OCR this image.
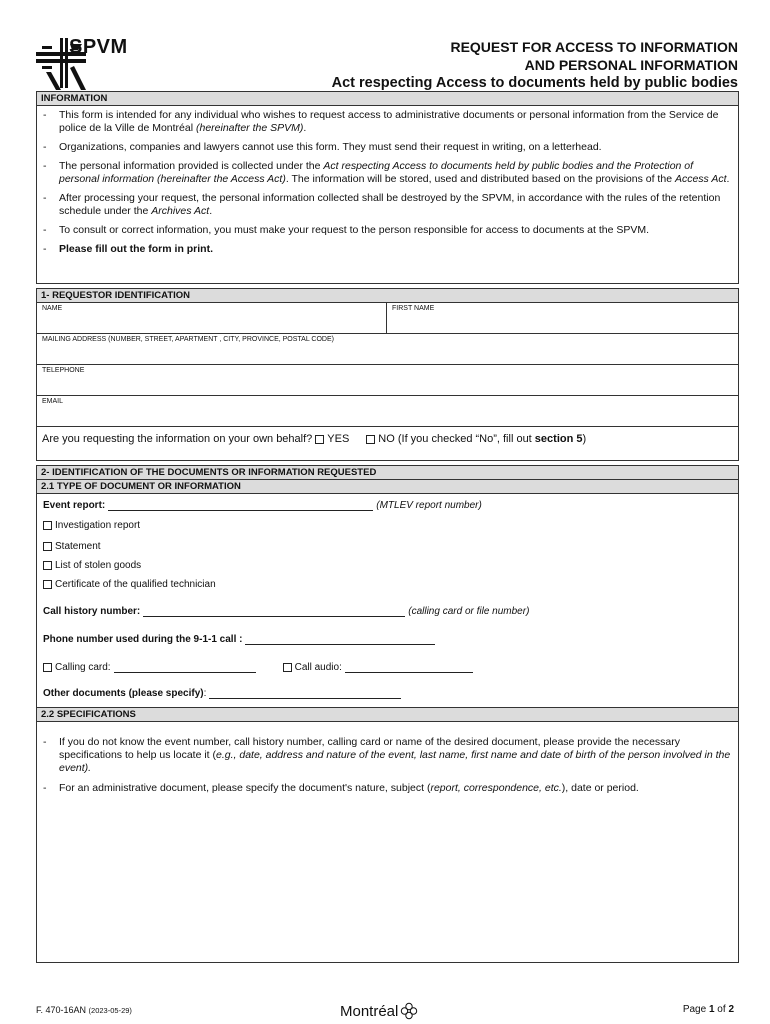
SPVM	REQUEST FOR ACCESS TO INFORMATION
AND PERSONAL INFORMATION
Act respecting Access to documents held by public bodies
INFORMATION
-	This form is intended for any individual who wishes to request access to administrative documents or personal information from the Service de police de la Ville de Montréal (hereinafter the SPVM).
-	Organizations, companies and lawyers cannot use this form. They must send their request in writing, on a letterhead.
-	The personal information provided is collected under the Act respecting Access to documents held by public bodies and the Protection of personal information (hereinafter the Access Act). The information will be stored, used and distributed based on the provisions of the Access Act.
-	After processing your request, the personal information collected shall be destroyed by the SPVM, in accordance with the rules of the retention schedule under the Archives Act.
-	To consult or correct information, you must make your request to the person responsible for access to documents at the SPVM.
-	Please fill out the form in print.
1- REQUESTOR IDENTIFICATION
NAME	FIRST NAME
MAILING ADDRESS (NUMBER, STREET, APARTMENT , CITY, PROVINCE, POSTAL CODE)
TELEPHONE
EMAIL
Are you requesting the information on your own behalf? YES	NO (If you checked “No”, fill out section 5)
2- IDENTIFICATION OF THE DOCUMENTS OR INFORMATION REQUESTED
2.1 TYPE OF DOCUMENT OR INFORMATION
Event report:	(MTLEV report number)
Investigation report
Statement
List of stolen goods
Certificate of the qualified technician
Call history number:	(calling card or file number)
Phone number used during the 9-1-1 call :
Calling card:	Call audio:
Other documents (please specify) :
2.2 SPECIFICATIONS
-	If you do not know the event number, call history number, calling card or name of the desired document, please provide the necessary specifications to help us locate it (e.g., date, address and nature of the event, last name, first name and date of birth of the person involved in the event).
-	For an administrative document, please specify the document's nature, subject (report, correspondence, etc.), date or period.
F. 470-16AN (2023-05-29)	Montréal	Page 1 of 2
